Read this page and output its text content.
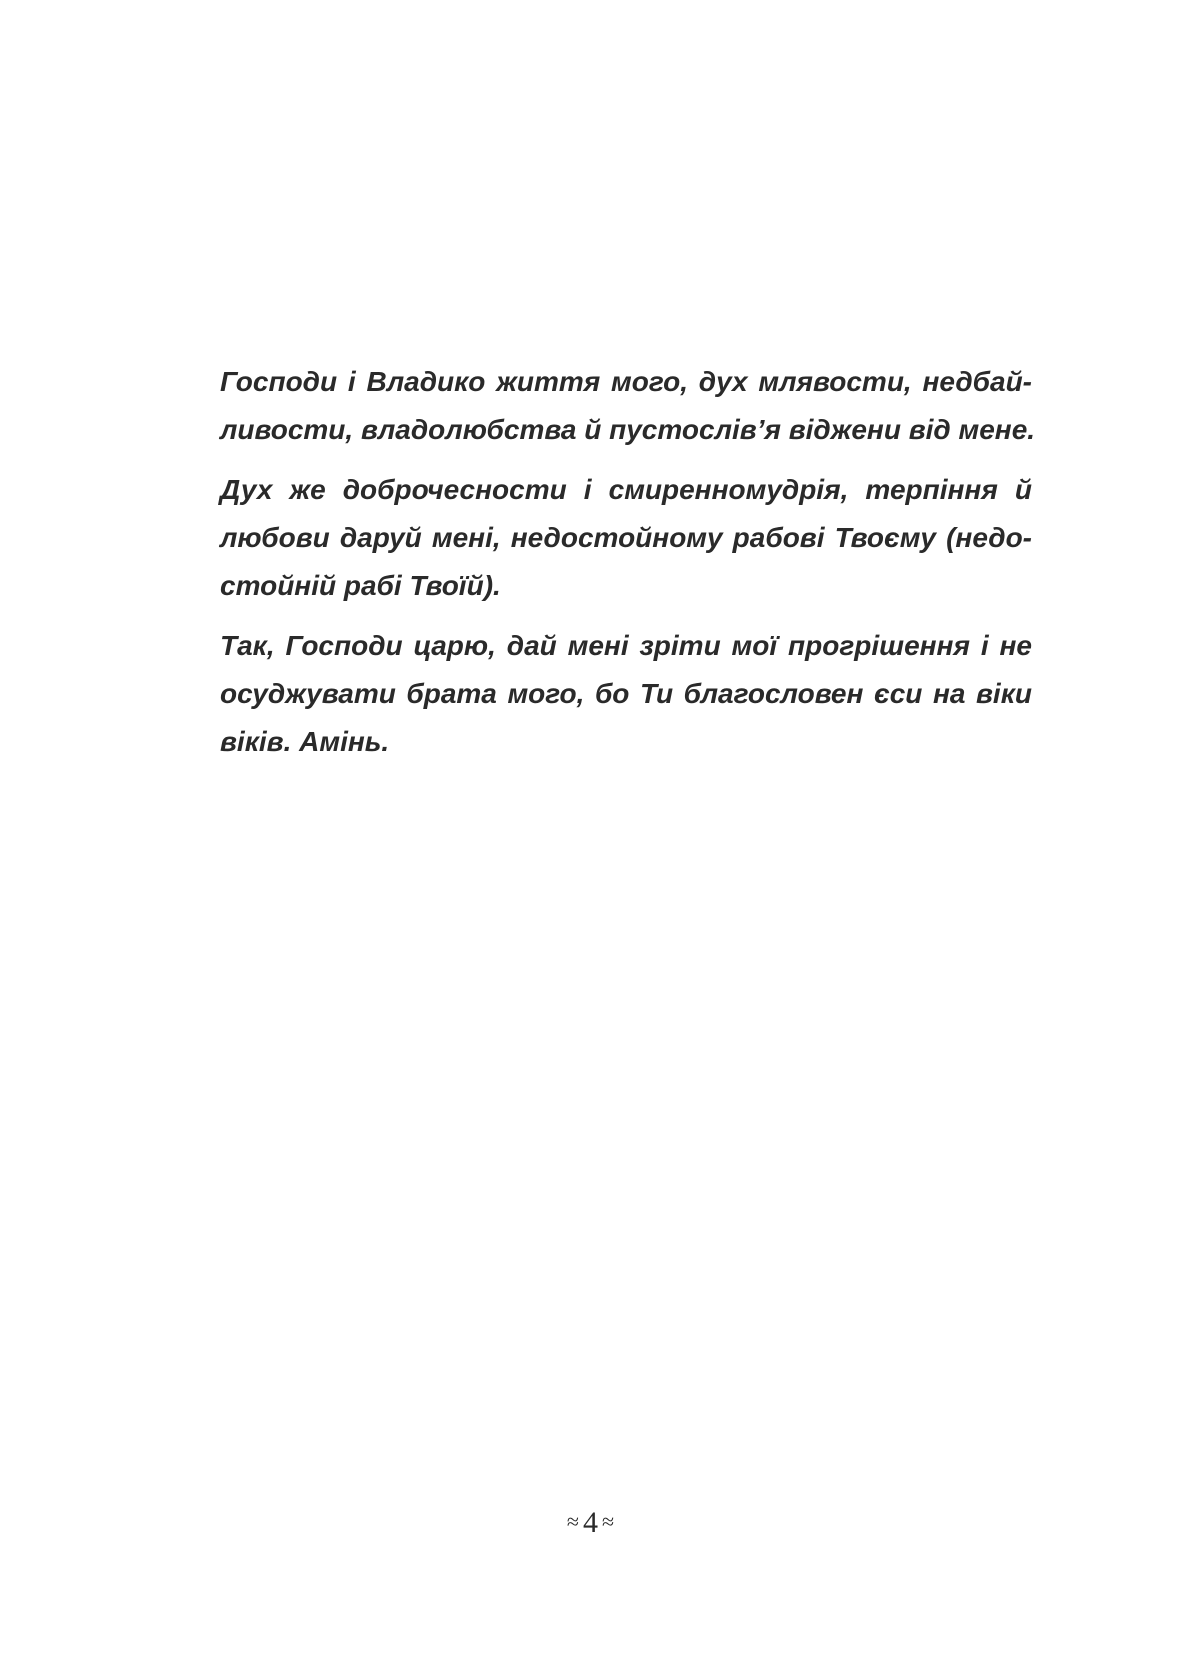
Господи і Владико життя мого, дух млявости, недбай-
ливости, владолюбства й пустослів’я віджени від мене.
Дух же доброчесности і смиренномудрія, терпіння й
любови даруй мені, недостойному рабові Твоєму (недо-
стойній рабі Твоїй).
Так, Господи царю, дай мені зріти мої прогрішення і не
осуджувати брата мого, бо Ти благословен єси на віки
віків. Амінь.
≈ 4 ≈
